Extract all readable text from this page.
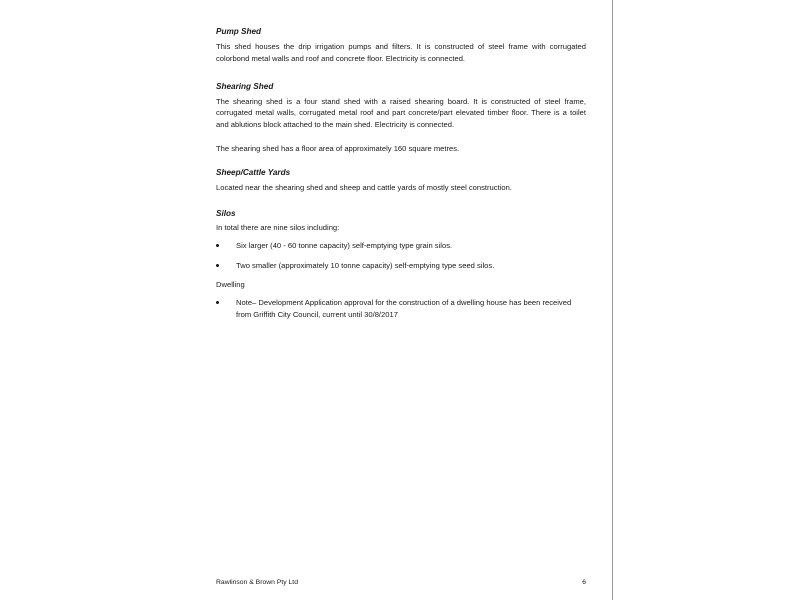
Pump Shed

This shed houses the drip irrigation pumps and filters. It is constructed of steel frame with corrugated colorbond metal walls and roof and concrete floor. Electricity is connected.

Shearing Shed

The shearing shed is a four stand shed with a raised shearing board. It is constructed of steel frame, corrugated metal walls, corrugated metal roof and part concrete/part elevated timber floor. There is a toilet and ablutions block attached to the main shed. Electricity is connected.

The shearing shed has a floor area of approximately 160 square metres.

Sheep/Cattle Yards

Located near the shearing shed and sheep and cattle yards of mostly steel construction.

Silos

In total there are nine silos including:

Six larger (40 - 60 tonne capacity) self-emptying type grain silos.
Two smaller (approximately 10 tonne capacity) self-emptying type seed silos.

Dwelling

Note– Development Application approval for the construction of a dwelling house has been received from Griffith City Council, current until 30/8/2017
Rawlinson & Brown Pty Ltd	6
